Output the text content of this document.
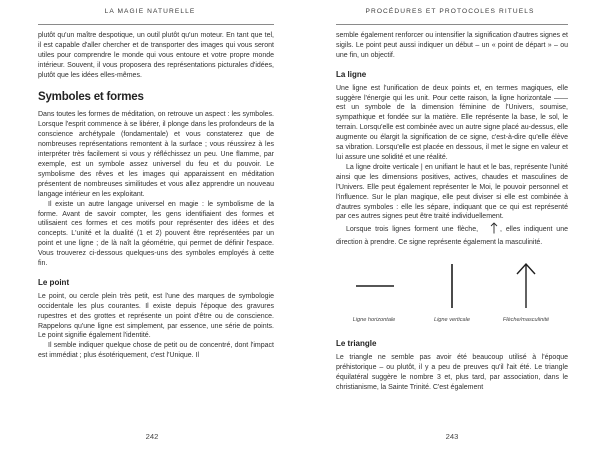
LA MAGIE NATURELLE

plutôt qu'un maître despotique, un outil plutôt qu'un moteur. En tant que tel, il est capable d'aller chercher et de transporter des images qui vous seront utiles pour comprendre le monde qui vous entoure et votre propre monde intérieur. Souvent, il vous proposera des représentations picturales d'idées, plutôt que les idées elles-mêmes.

Symboles et formes

Dans toutes les formes de méditation, on retrouve un aspect : les symboles. Lorsque l'esprit commence à se libérer, il plonge dans les profondeurs de la conscience archétypale (fondamentale) et vous constaterez que de nombreuses représentations remontent à la surface ; vous réussirez à les interpréter très facilement si vous y réfléchissez un peu. Une flamme, par exemple, est un symbole assez universel du feu et du pouvoir. Le symbolisme des rêves et les images qui apparaissent en méditation présentent de nombreuses similitudes et vous allez apprendre un nouveau langage intérieur en les exploitant.

Il existe un autre langage universel en magie : le symbolisme de la forme. Avant de savoir compter, les gens identifiaient des formes et utilisaient ces formes et ces motifs pour représenter des idées et des concepts. L'unité et la dualité (1 et 2) pouvent être représentées par un point et une ligne ; de là naît la géométrie, qui permet de définir l'espace. Vous trouverez ci-dessous quelques-uns des symboles employés à cette fin.

Le point

Le point, ou cercle plein très petit, est l'une des marques de symbologie occidentale les plus courantes. Il existe depuis l'époque des gravures rupestres et des grottes et représente un point d'être ou de conscience. Rappelons qu'une ligne est simplement, par essence, une série de points. Le point signifie également l'identité.

Il semble indiquer quelque chose de petit ou de concentré, dont l'impact est immédiat ; plus ésotériquement, c'est l'Unique. Il

242
PROCÉDURES ET PROTOCOLES RITUELS

semble également renforcer ou intensifier la signification d'autres signes et sigils. Le point peut aussi indiquer un début – un « point de départ » – ou une fin, un objectif.

La ligne

Une ligne est l'unification de deux points et, en termes magiques, elle suggère l'énergie qui les unit. Pour cette raison, la ligne horizontale —— est un symbole de la dimension féminine de l'Univers, soumise, sympathique et fondée sur la matière. Elle représente la base, le sol, le terrain. Lorsqu'elle est combinée avec un autre signe placé au-dessus, elle augmente ou élargit la signification de ce signe, c'est-à-dire qu'elle élève sa vibration. Lorsqu'elle est placée en dessous, il met le signe en valeur et lui assure une solidité et une réalité.

La ligne droite verticale | en unifiant le haut et le bas, représente l'unité ainsi que les dimensions positives, actives, chaudes et masculines de l'Univers. Elle peut également représenter le Moi, le pouvoir personnel et l'influence. Sur le plan magique, elle peut diviser si elle est combinée à d'autres symboles : elle les sépare, indiquant que ce qui est représenté par ces autres signes peut être traité individuellement.

Lorsque trois lignes forment une flèche,	, elles indiquent une direction à prendre. Ce signe représente également la masculinité.

Ligne horizontale	Ligne verticale	Flèche/masculinité
Le triangle

Le triangle ne semble pas avoir été beaucoup utilisé à l'époque préhistorique – ou plutôt, il y a peu de preuves qu'il l'ait été. Le triangle équilatéral suggère le nombre 3 et, plus tard, par association, dans le christianisme, la Sainte Trinité. C'est également

243
